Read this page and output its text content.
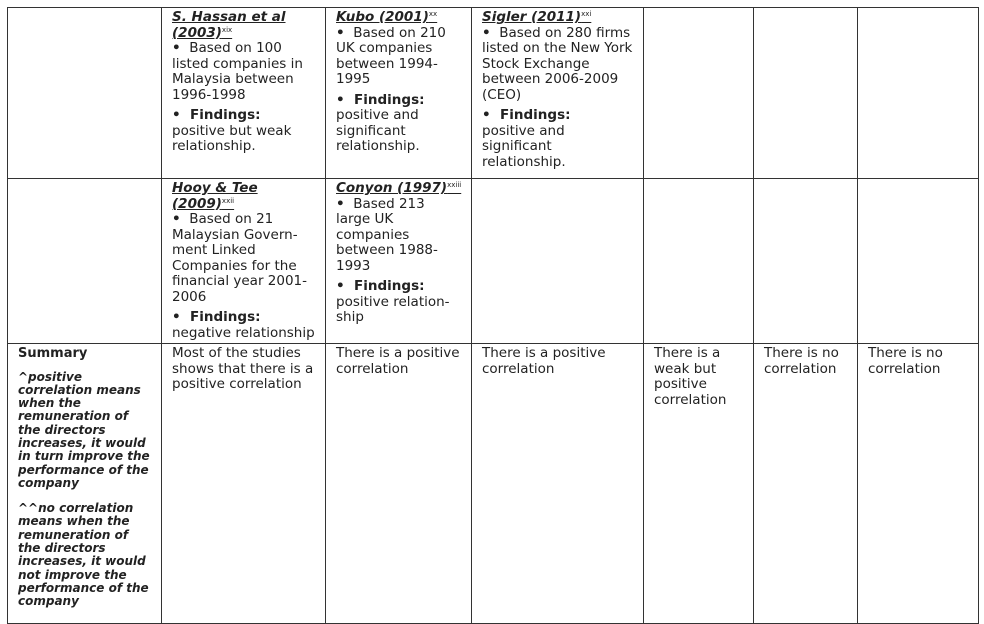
	S. Hassan et al $(2003)^{xix}$
• Based on 100 listed companies in Malaysia between 1996-1998
• Findings:
positive but weak relationship.	Kubo $(2001)^{xx}$
• Based on 210 UK companies between 1994-1995
• Findings:
positive and significant relationship.	Sigler $(2011)^{xxi}$
• Based on 280 firms listed on the New York Stock Exchange between 2006-2009 (CEO)
• Findings:
positive and significant relationship.			

	Hooy & Tee $(2009)^{xxii}$
• Based on 21 Malaysian Govern-ment Linked Companies for the financial year 2001-2006
• Findings:
negative relationship	Conyon $(1997)^{xxiii}$
• Based 213 large UK companies between 1988-1993
• Findings:
positive relation-ship				

Summary
^positive correlation means when the remuneration of the directors increases, it would in turn improve the performance of the company
^^no correlation means when the remuneration of the directors increases, it would not improve the performance of the company	Most of the studies shows that there is a positive correlation	There is a positive correlation	There is a positive correlation	There is a weak but positive correlation	There is no correlation	There is no correlation
